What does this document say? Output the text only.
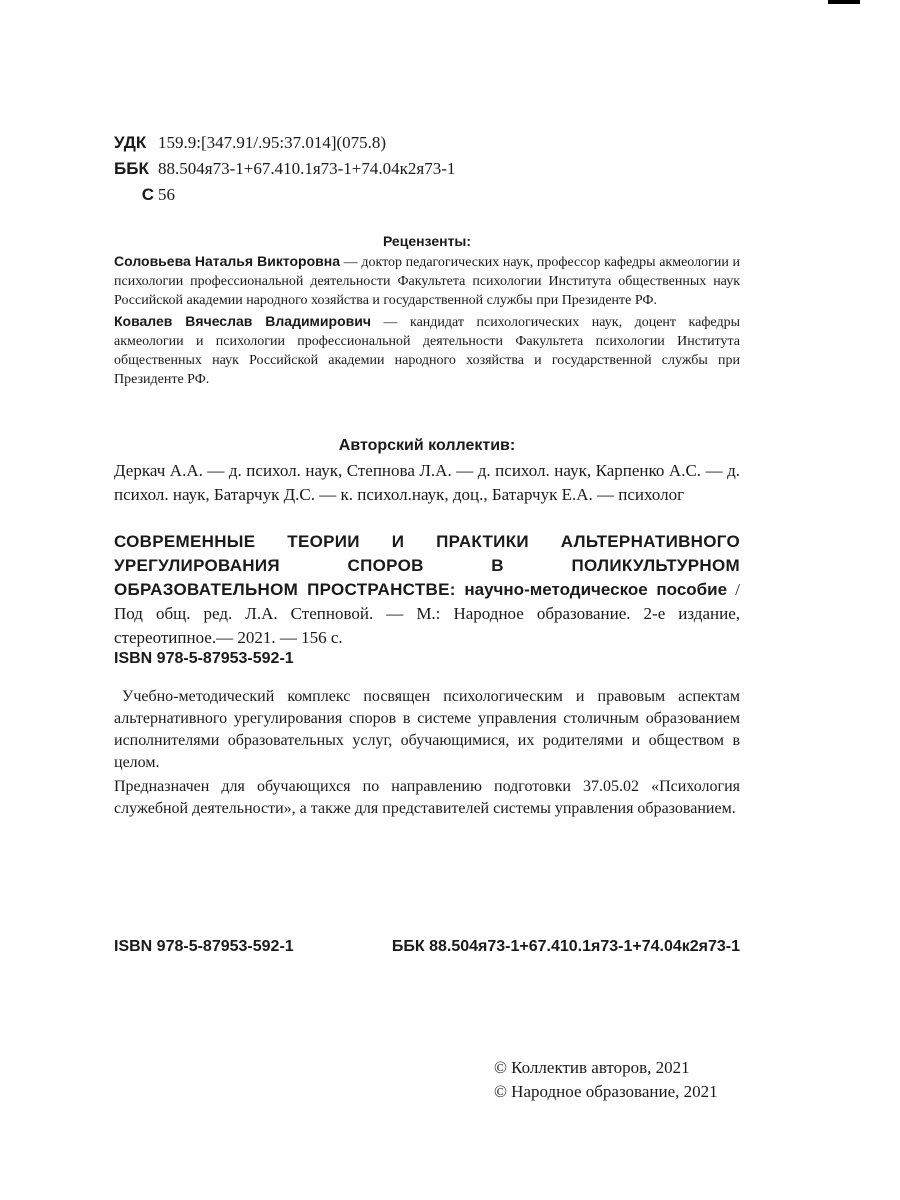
УДК 159.9:[347.91/.95:37.014](075.8)
ББК 88.504я73-1+67.410.1я73-1+74.04к2я73-1
С 56
Рецензенты:

Соловьева Наталья Викторовна — доктор педагогических наук, профессор кафедры акмеологии и психологии профессиональной деятельности Факультета психологии Института общественных наук Российской академии народного хозяйства и государственной службы при Президенте РФ.

Ковалев Вячеслав Владимирович — кандидат психологических наук, доцент кафедры акмеологии и психологии профессиональной деятельности Факультета психологии Института общественных наук Российской академии народного хозяйства и государственной службы при Президенте РФ.

Авторский коллектив:

Деркач А.А. — д. психол. наук, Степнова Л.А. — д. психол. наук, Карпенко А.С. — д. психол. наук, Батарчук Д.С. — к. психол.наук, доц., Батарчук Е.А. — психолог

СОВРЕМЕННЫЕ ТЕОРИИ И ПРАКТИКИ АЛЬТЕРНАТИВНОГО УРЕГУЛИРОВАНИЯ СПОРОВ В ПОЛИКУЛЬТУРНОМ ОБРАЗОВАТЕЛЬНОМ ПРОСТРАНСТВЕ: научно-методическое пособие / Под общ. ред. Л.А. Степновой. — М.: Народное образование. 2-е издание, стереотипное.— 2021. — 156 с.

ISBN 978-5-87953-592-1

Учебно-методический комплекс посвящен психологическим и правовым аспектам альтернативного урегулирования споров в системе управления столичным образованием исполнителями образовательных услуг, обучающимися, их родителями и обществом в целом.

Предназначен для обучающихся по направлению подготовки 37.05.02 «Психология служебной деятельности», а также для представителей системы управления образованием.

ISBN 978-5-87953-592-1	ББК 88.504я73-1+67.410.1я73-1+74.04к2я73-1
© Коллектив авторов, 2021
© Народное образование, 2021
